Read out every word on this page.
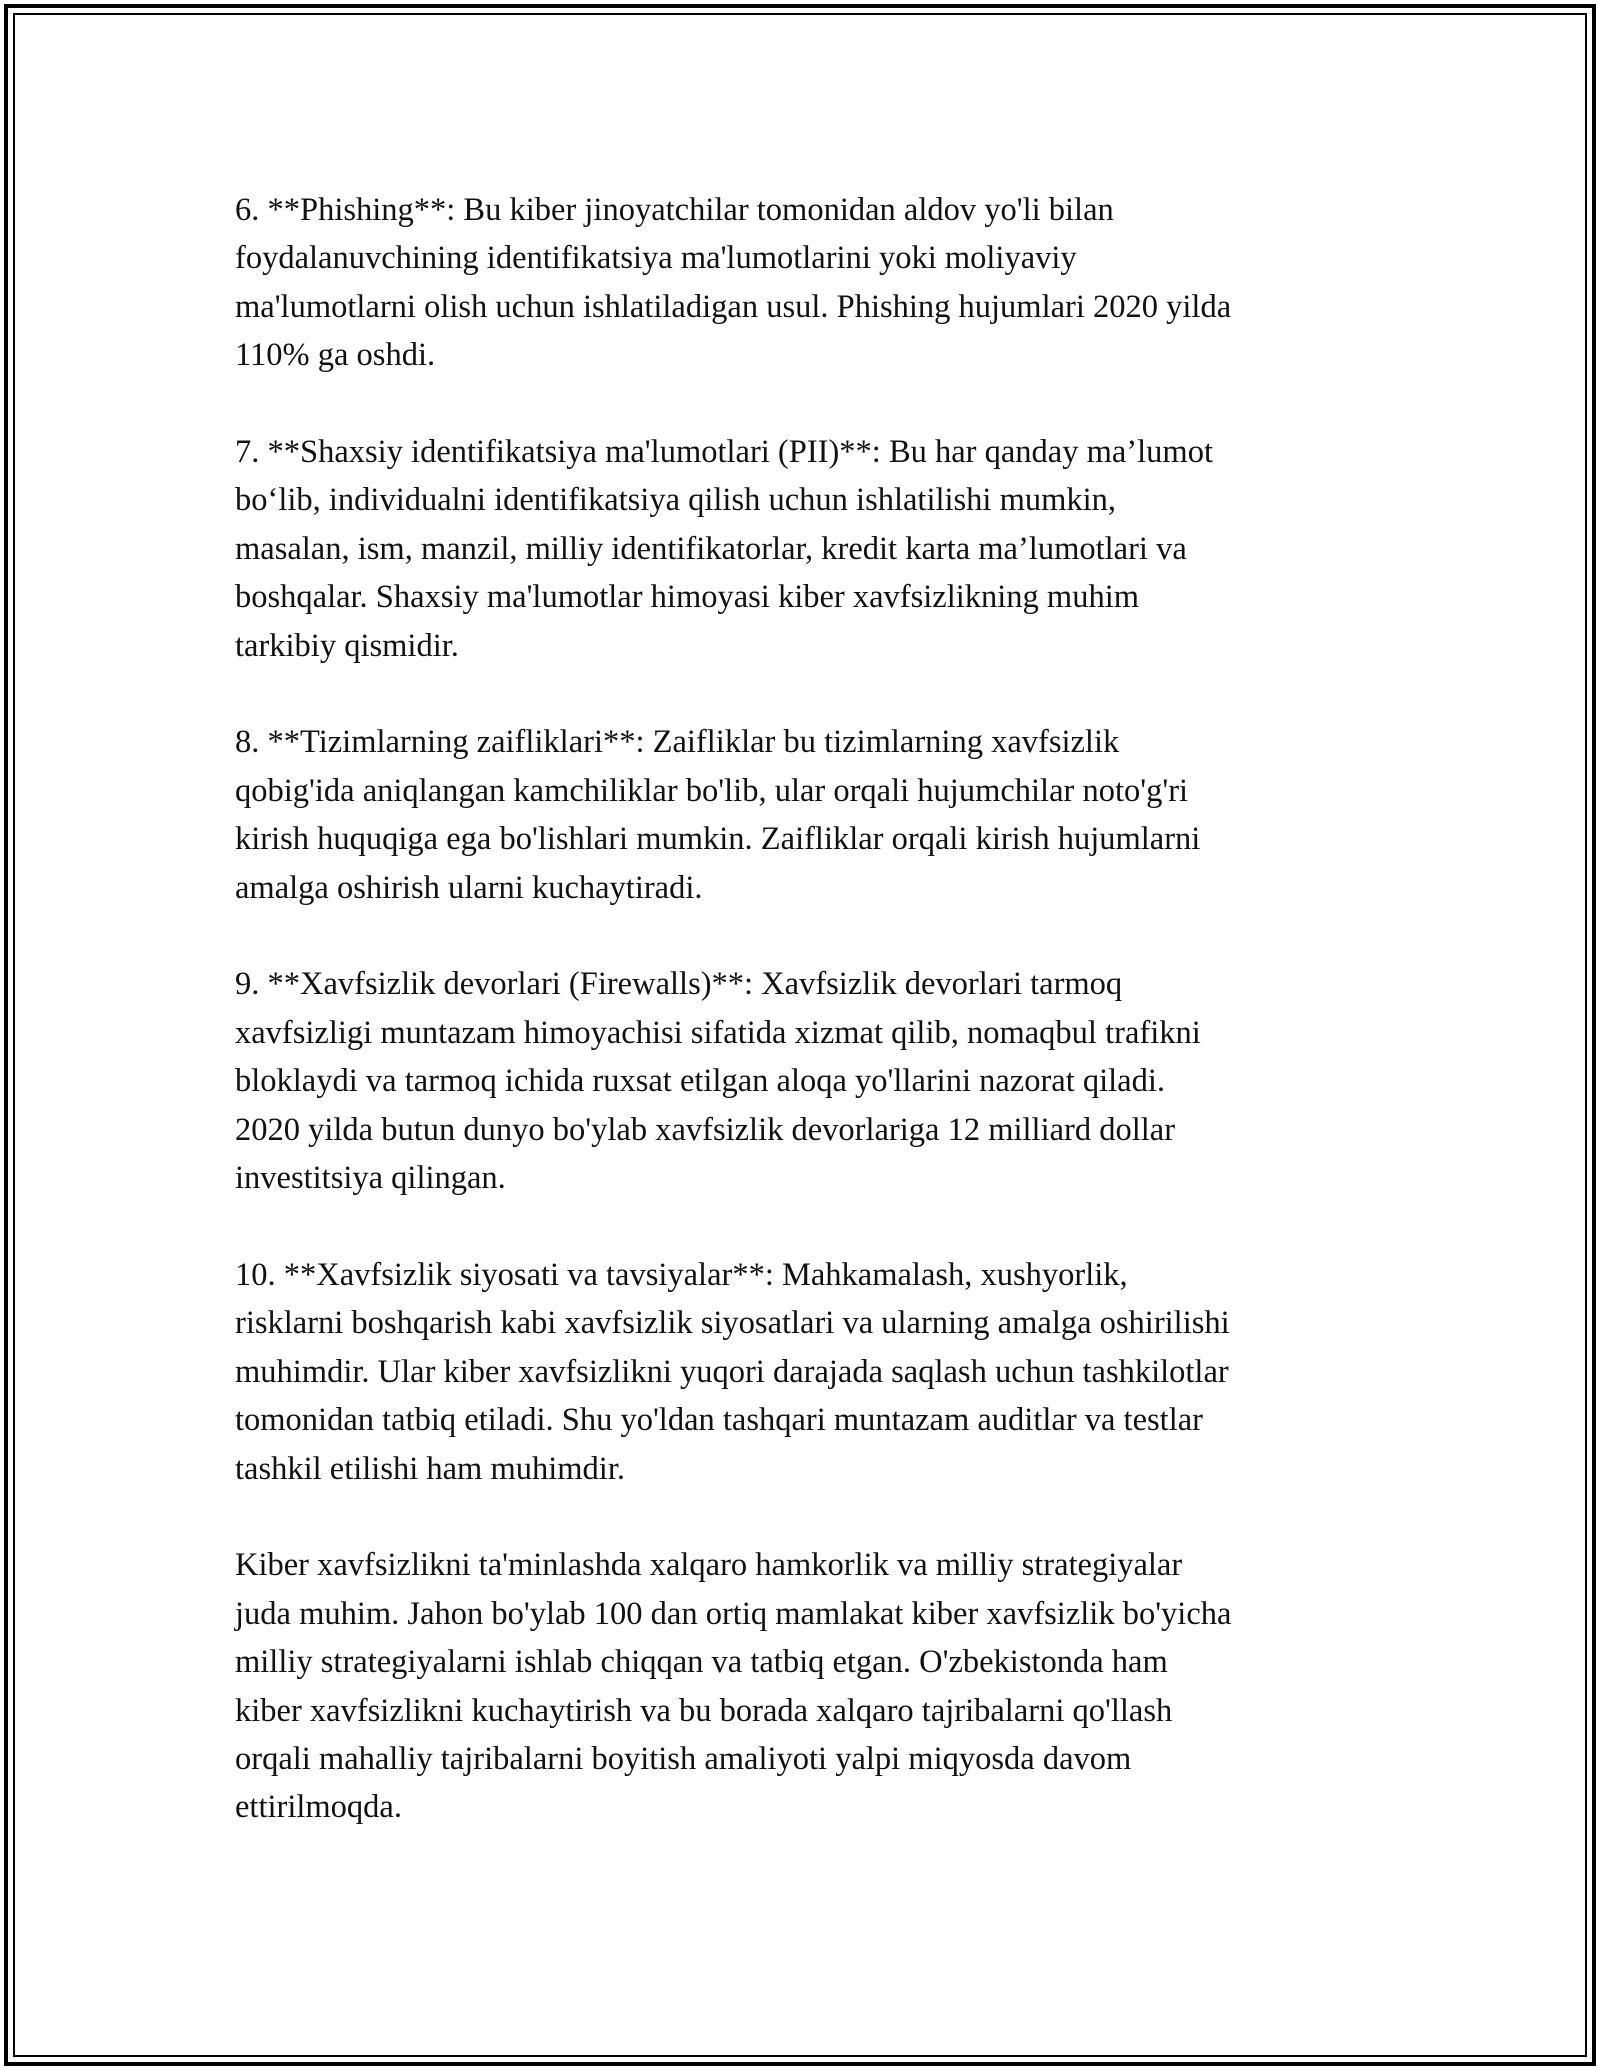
6. **Phishing**: Bu kiber jinoyatchilar tomonidan aldov yo'li bilan
foydalanuvchining identifikatsiya ma'lumotlarini yoki moliyaviy
ma'lumotlarni olish uchun ishlatiladigan usul. Phishing hujumlari 2020 yilda
110% ga oshdi.

7. **Shaxsiy identifikatsiya ma'lumotlari (PII)**: Bu har qanday ma’lumot
bo‘lib, individualni identifikatsiya qilish uchun ishlatilishi mumkin,
masalan, ism, manzil, milliy identifikatorlar, kredit karta ma’lumotlari va
boshqalar. Shaxsiy ma'lumotlar himoyasi kiber xavfsizlikning muhim
tarkibiy qismidir.

8. **Tizimlarning zaifliklari**: Zaifliklar bu tizimlarning xavfsizlik
qobig'ida aniqlangan kamchiliklar bo'lib, ular orqali hujumchilar noto'g'ri
kirish huquqiga ega bo'lishlari mumkin. Zaifliklar orqali kirish hujumlarni
amalga oshirish ularni kuchaytiradi.

9. **Xavfsizlik devorlari (Firewalls)**: Xavfsizlik devorlari tarmoq
xavfsizligi muntazam himoyachisi sifatida xizmat qilib, nomaqbul trafikni
bloklaydi va tarmoq ichida ruxsat etilgan aloqa yo'llarini nazorat qiladi.
2020 yilda butun dunyo bo'ylab xavfsizlik devorlariga 12 milliard dollar
investitsiya qilingan.

10. **Xavfsizlik siyosati va tavsiyalar**: Mahkamalash, xushyorlik,
risklarni boshqarish kabi xavfsizlik siyosatlari va ularning amalga oshirilishi
muhimdir. Ular kiber xavfsizlikni yuqori darajada saqlash uchun tashkilotlar
tomonidan tatbiq etiladi. Shu yo'ldan tashqari muntazam auditlar va testlar
tashkil etilishi ham muhimdir.

Kiber xavfsizlikni ta'minlashda xalqaro hamkorlik va milliy strategiyalar
juda muhim. Jahon bo'ylab 100 dan ortiq mamlakat kiber xavfsizlik bo'yicha
milliy strategiyalarni ishlab chiqqan va tatbiq etgan. O'zbekistonda ham
kiber xavfsizlikni kuchaytirish va bu borada xalqaro tajribalarni qo'llash
orqali mahalliy tajribalarni boyitish amaliyoti yalpi miqyosda davom
ettirilmoqda.
